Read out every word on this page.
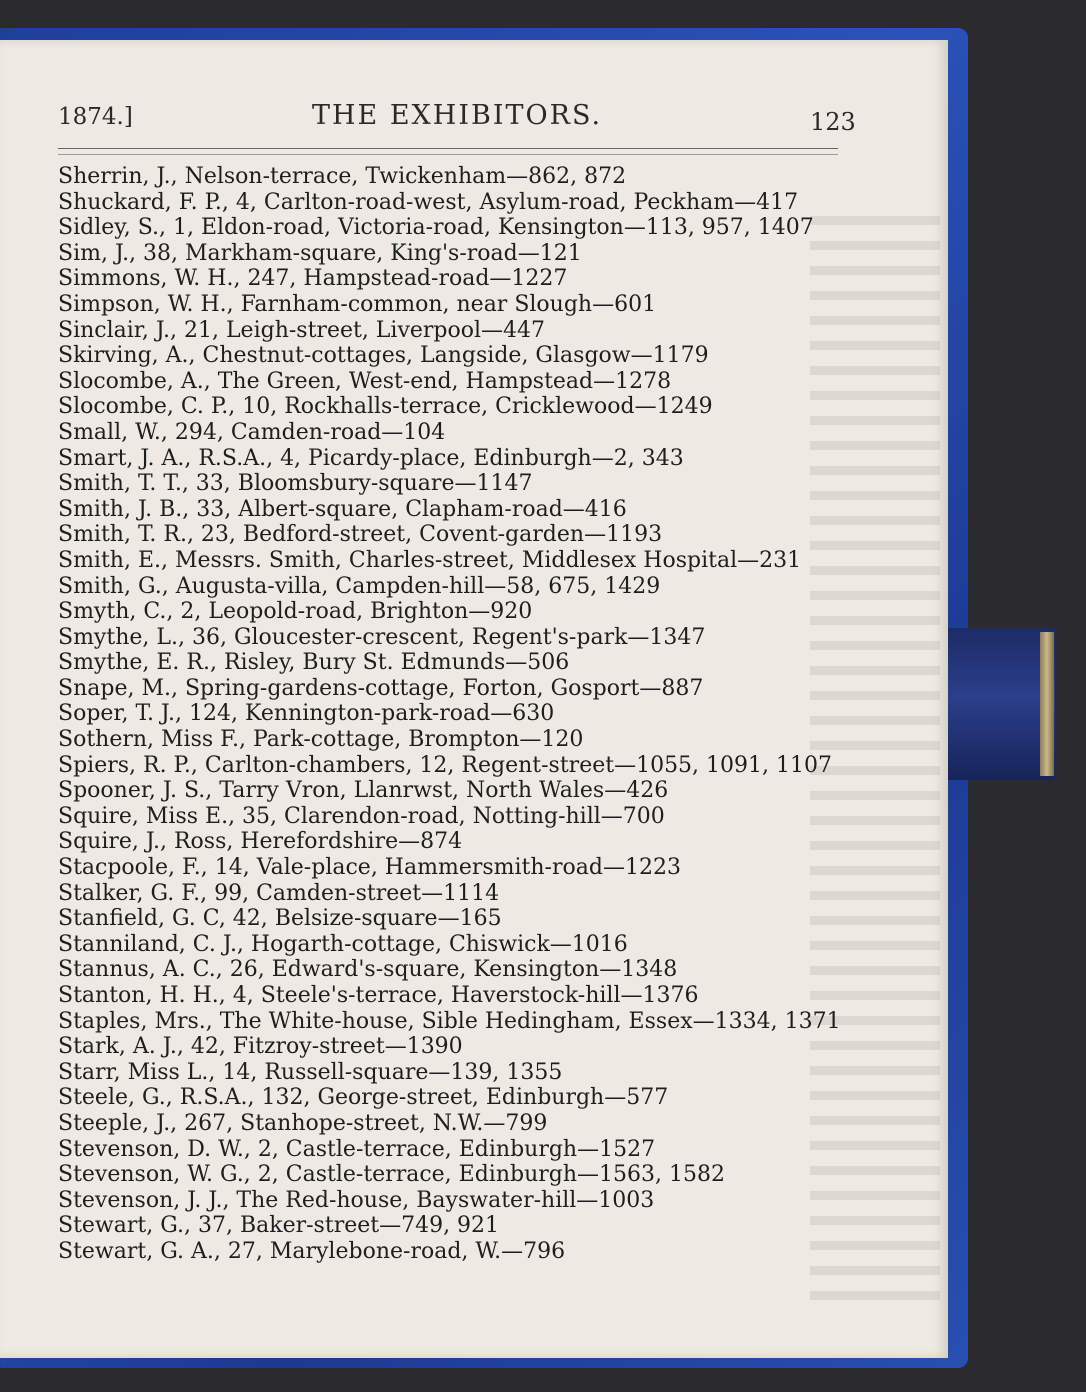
1874.]	THE EXHIBITORS.	123
Sherrin, J., Nelson-terrace, Twickenham—862, 872
Shuckard, F. P., 4, Carlton-road-west, Asylum-road, Peckham—417
Sidley, S., 1, Eldon-road, Victoria-road, Kensington—113, 957, 1407
Sim, J., 38, Markham-square, King's-road—121
Simmons, W. H., 247, Hampstead-road—1227
Simpson, W. H., Farnham-common, near Slough—601
Sinclair, J., 21, Leigh-street, Liverpool—447
Skirving, A., Chestnut-cottages, Langside, Glasgow—1179
Slocombe, A., The Green, West-end, Hampstead—1278
Slocombe, C. P., 10, Rockhalls-terrace, Cricklewood—1249
Small, W., 294, Camden-road—104
Smart, J. A., R.S.A., 4, Picardy-place, Edinburgh—2, 343
Smith, T. T., 33, Bloomsbury-square—1147
Smith, J. B., 33, Albert-square, Clapham-road—416
Smith, T. R., 23, Bedford-street, Covent-garden—1193
Smith, E., Messrs. Smith, Charles-street, Middlesex Hospital—231
Smith, G., Augusta-villa, Campden-hill—58, 675, 1429
Smyth, C., 2, Leopold-road, Brighton—920
Smythe, L., 36, Gloucester-crescent, Regent's-park—1347
Smythe, E. R., Risley, Bury St. Edmunds—506
Snape, M., Spring-gardens-cottage, Forton, Gosport—887
Soper, T. J., 124, Kennington-park-road—630
Sothern, Miss F., Park-cottage, Brompton—120
Spiers, R. P., Carlton-chambers, 12, Regent-street—1055, 1091, 1107
Spooner, J. S., Tarry Vron, Llanrwst, North Wales—426
Squire, Miss E., 35, Clarendon-road, Notting-hill—700
Squire, J., Ross, Herefordshire—874
Stacpoole, F., 14, Vale-place, Hammersmith-road—1223
Stalker, G. F., 99, Camden-street—1114
Stanfield, G. C, 42, Belsize-square—165
Stanniland, C. J., Hogarth-cottage, Chiswick—1016
Stannus, A. C., 26, Edward's-square, Kensington—1348
Stanton, H. H., 4, Steele's-terrace, Haverstock-hill—1376
Staples, Mrs., The White-house, Sible Hedingham, Essex—1334, 1371
Stark, A. J., 42, Fitzroy-street—1390
Starr, Miss L., 14, Russell-square—139, 1355
Steele, G., R.S.A., 132, George-street, Edinburgh—577
Steeple, J., 267, Stanhope-street, N.W.—799
Stevenson, D. W., 2, Castle-terrace, Edinburgh—1527
Stevenson, W. G., 2, Castle-terrace, Edinburgh—1563, 1582
Stevenson, J. J., The Red-house, Bayswater-hill—1003
Stewart, G., 37, Baker-street—749, 921
Stewart, G. A., 27, Marylebone-road, W.—796
